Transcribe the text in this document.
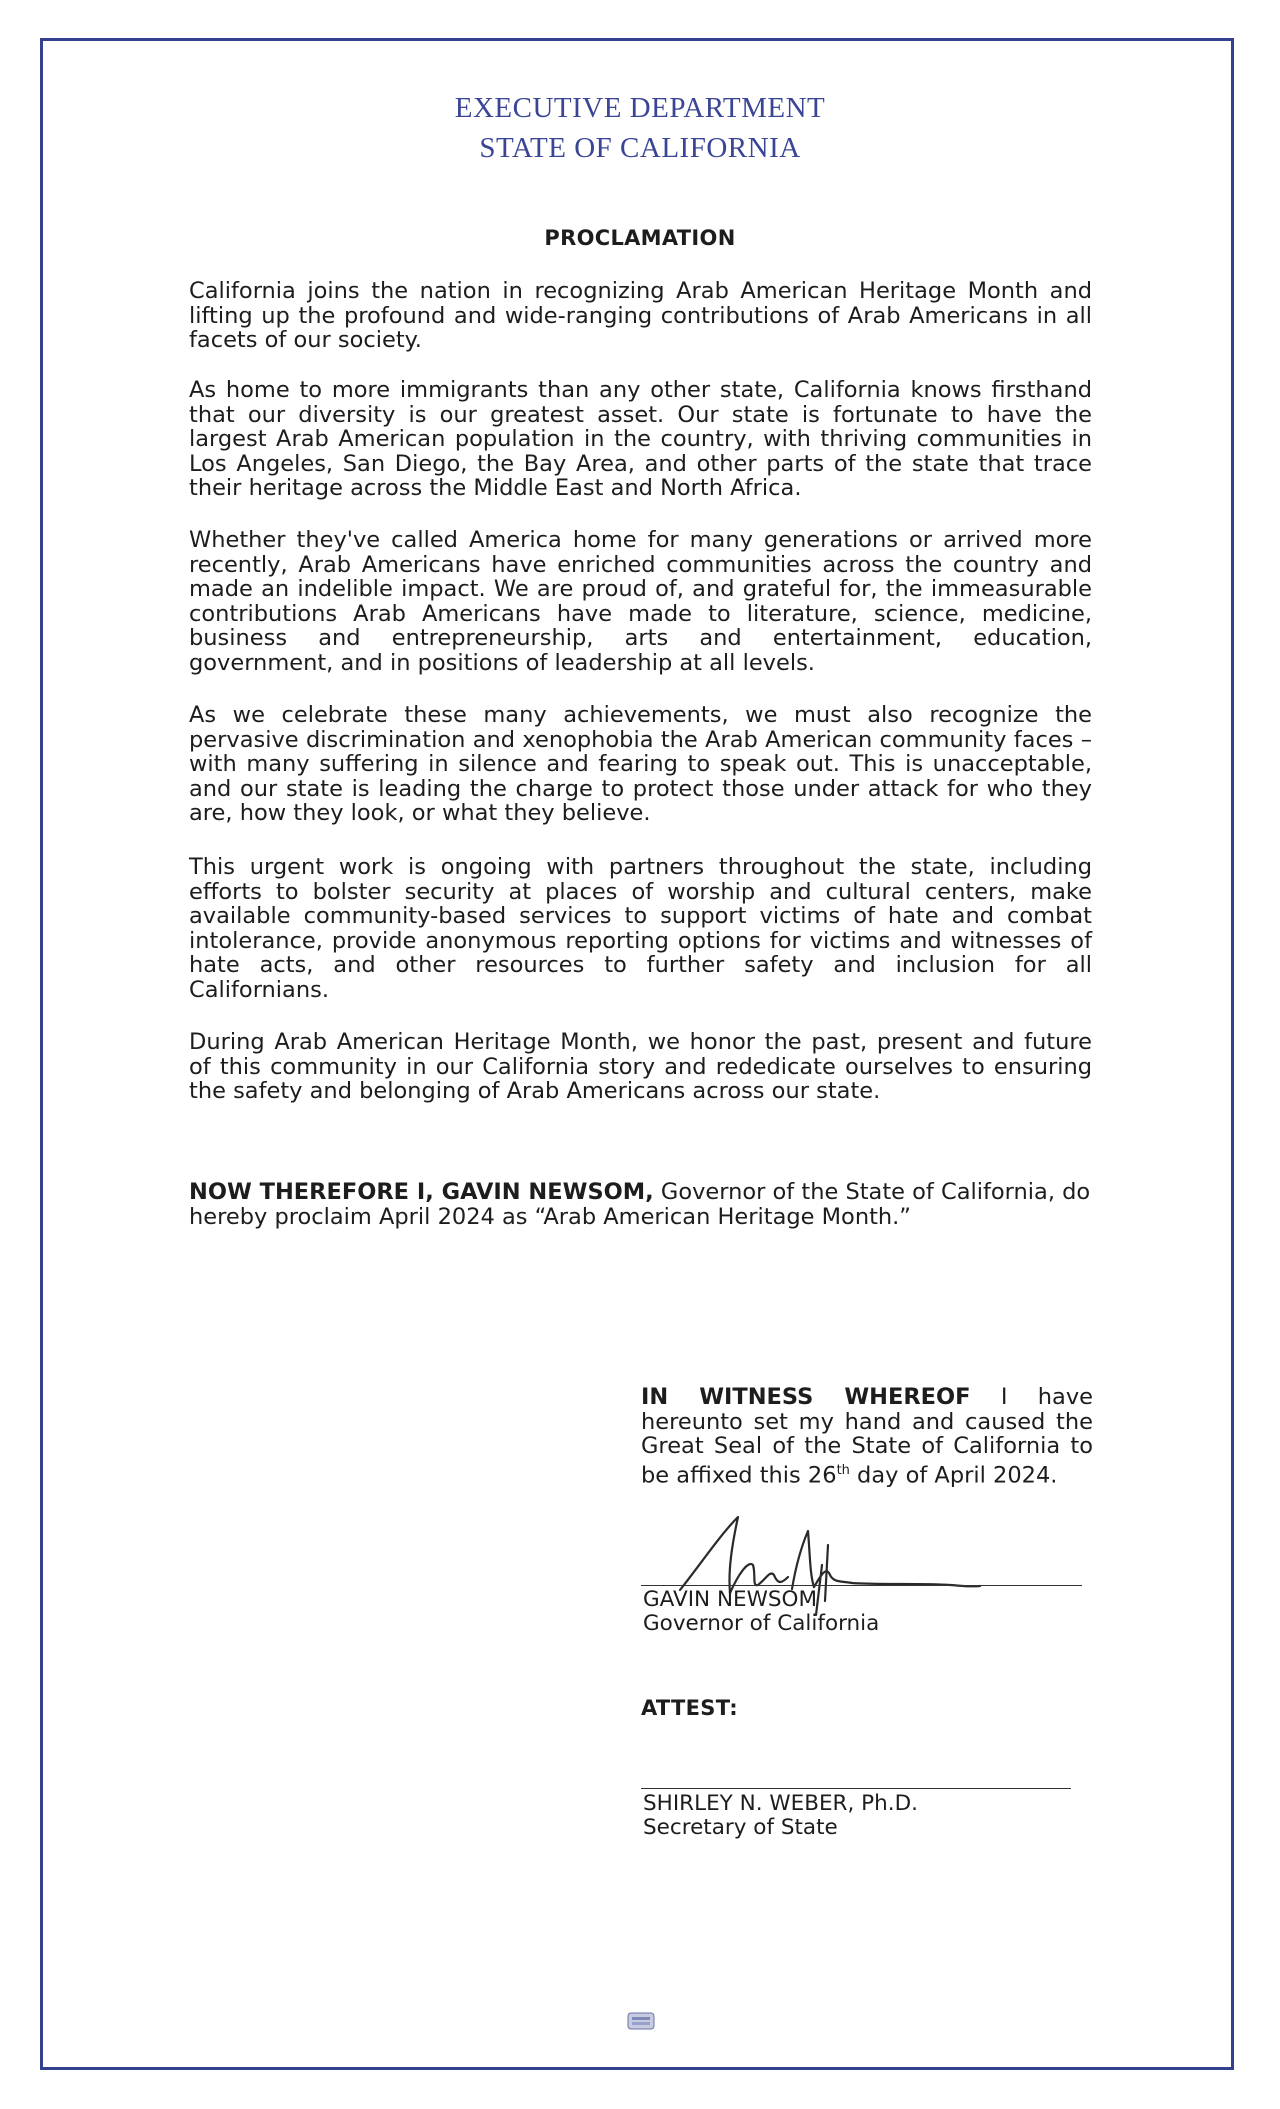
EXECUTIVE DEPARTMENT
STATE OF CALIFORNIA
PROCLAMATION

California joins the nation in recognizing Arab American Heritage Month and lifting up the profound and wide-ranging contributions of Arab Americans in all facets of our society.

As home to more immigrants than any other state, California knows firsthand that our diversity is our greatest asset. Our state is fortunate to have the largest Arab American population in the country, with thriving communities in Los Angeles, San Diego, the Bay Area, and other parts of the state that trace their heritage across the Middle East and North Africa.

Whether they've called America home for many generations or arrived more recently, Arab Americans have enriched communities across the country and made an indelible impact. We are proud of, and grateful for, the immeasurable contributions Arab Americans have made to literature, science, medicine, business and entrepreneurship, arts and entertainment, education, government, and in positions of leadership at all levels.

As we celebrate these many achievements, we must also recognize the pervasive discrimination and xenophobia the Arab American community faces – with many suffering in silence and fearing to speak out. This is unacceptable, and our state is leading the charge to protect those under attack for who they are, how they look, or what they believe.

This urgent work is ongoing with partners throughout the state, including efforts to bolster security at places of worship and cultural centers, make available community-based services to support victims of hate and combat intolerance, provide anonymous reporting options for victims and witnesses of hate acts, and other resources to further safety and inclusion for all Californians.

During Arab American Heritage Month, we honor the past, present and future of this community in our California story and rededicate ourselves to ensuring the safety and belonging of Arab Americans across our state.

NOW THEREFORE I, GAVIN NEWSOM, Governor of the State of California, do hereby proclaim April 2024 as “Arab American Heritage Month.”

IN WITNESS WHEREOF I have hereunto set my hand and caused the Great Seal of the State of California to be affixed this 26th day of April 2024.

GAVIN NEWSOM
Governor of California
ATTEST:
SHIRLEY N. WEBER, Ph.D.
Secretary of State
